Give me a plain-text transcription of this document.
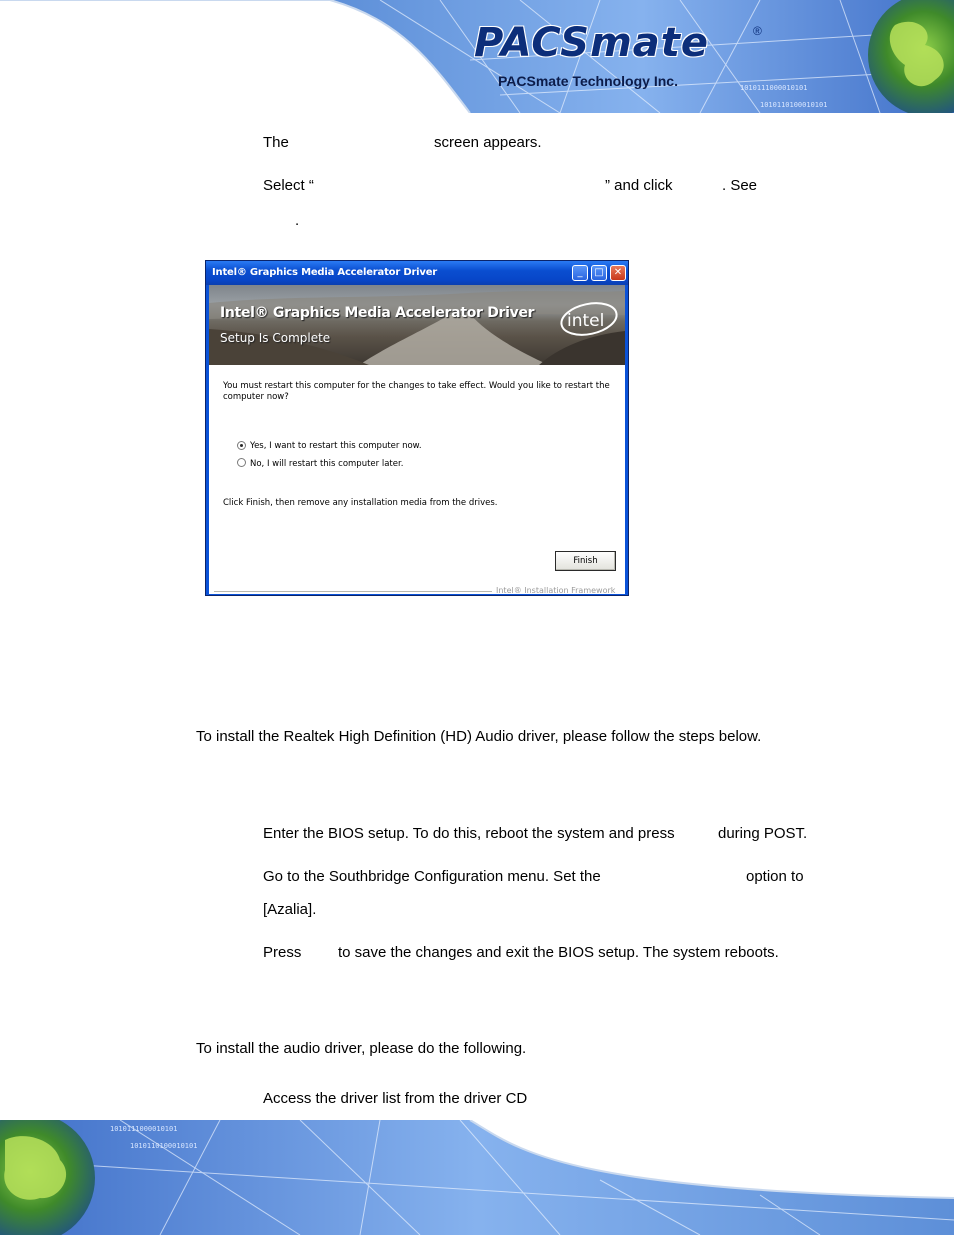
PACSmate	®
PACSmate Technology Inc.	1010111000010101
1010110100010101
The	screen appears.
Select “	” and click	. See
.
Intel® Graphics Media Accelerator Driver	_	□	✕
Intel® Graphics Media Accelerator Driver
Setup Is Complete
intel
You must restart this computer for the changes to take effect. Would you like to restart the
computer now?
Yes, I want to restart this computer now.
No, I will restart this computer later.
Click Finish, then remove any installation media from the drives.
Finish
Intel® Installation Framework
To install the Realtek High Definition (HD) Audio driver, please follow the steps below.
Enter the BIOS setup. To do this, reboot the system and press	during POST.
Go to the Southbridge Configuration menu. Set the	option to
[Azalia].
Press to save the changes and exit the BIOS setup. The system reboots.
To install the audio driver, please do the following.
Access the driver list from the driver CD
1010111000010101
1010110100010101
